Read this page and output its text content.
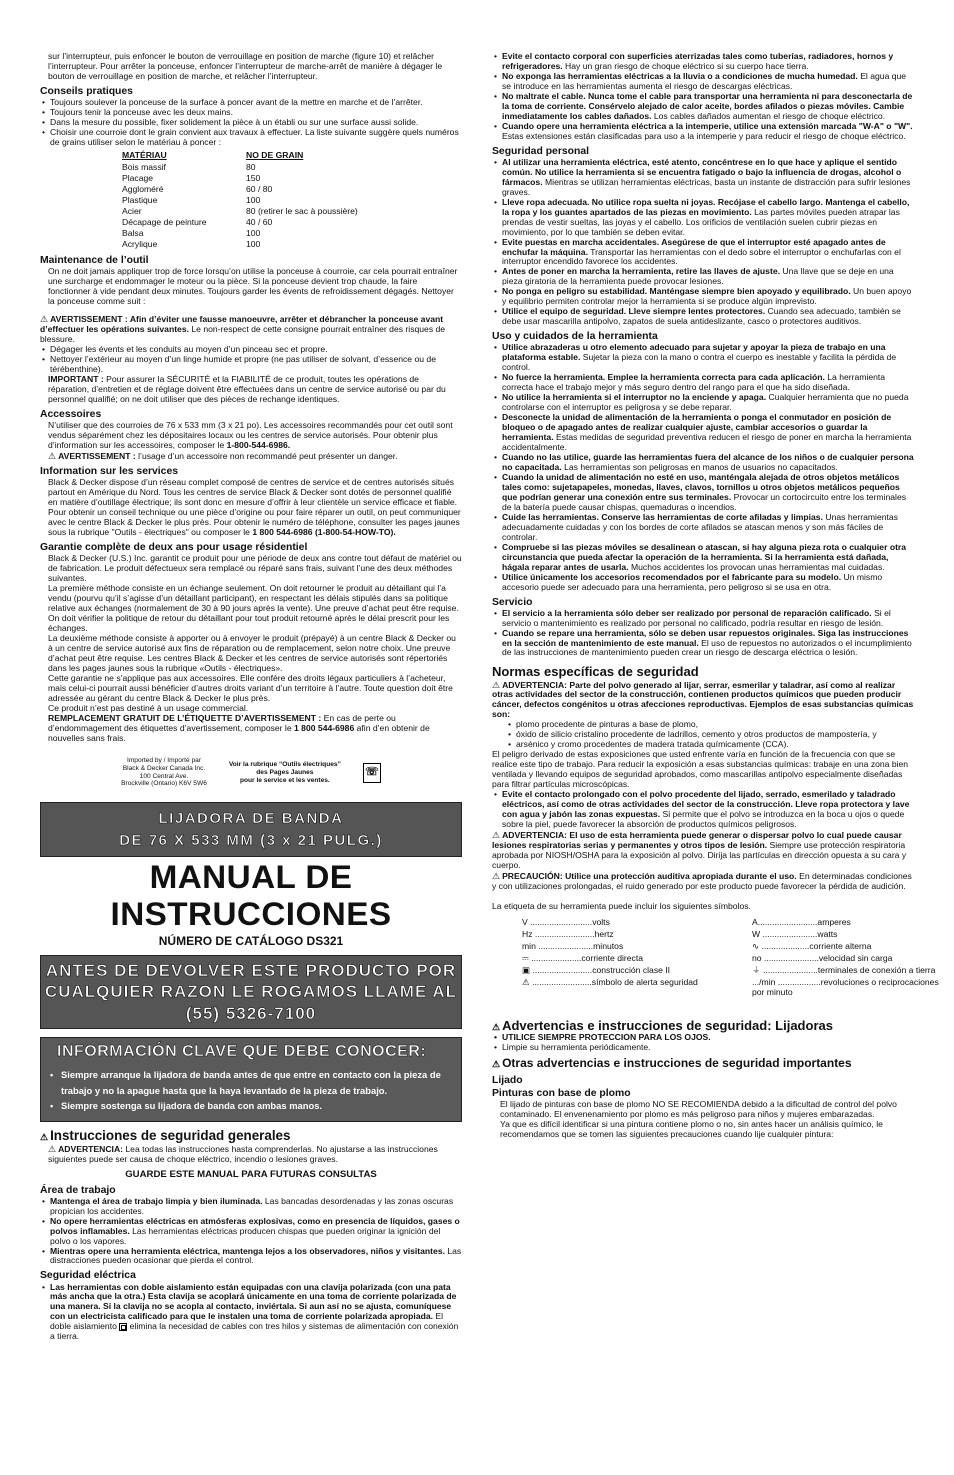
sur l’interrupteur, puis enfoncer le bouton de verrouillage en position de marche (figure 10) et relâcher l’interrupteur. Pour arrêter la ponceuse, enfoncer l’interrupteur de marche-arrêt de manière à dégager le bouton de verrouillage en position de marche, et relâcher l’interrupteur.

Conseils pratiques
• Toujours soulever la ponceuse de la surface à poncer avant de la mettre en marche et de l’arrêter.
• Toujours tenir la ponceuse avec les deux mains.
• Dans la mesure du possible, fixer solidement la pièce à un établi ou sur une surface aussi solide.
• Choisir une courroie dont le grain convient aux travaux à effectuer. La liste suivante suggère quels numéros de grains utiliser selon le matériau à poncer :
MATÉRIAU	NO DE GRAIN
Bois massif	80
Placage	150
Aggloméré	60 / 80
Plastique	100
Acier	80 (retirer le sac à poussière)
Décapage de peinture	40 / 60
Balsa	100
Acrylique	100
Maintenance de l’outil

On ne doit jamais appliquer trop de force lorsqu’on utilise la ponceuse à courroie, car cela pourrait entraîner une surcharge et endommager le moteur ou la pièce. Si la ponceuse devient trop chaude, la faire fonctionner à vide pendant deux minutes. Toujours garder les évents de refroidissement dégagés. Nettoyer la ponceuse comme suit :

⚠ AVERTISSEMENT : Afin d’éviter une fausse manoeuvre, arrêter et débrancher la ponceuse avant d’effectuer les opérations suivantes. Le non-respect de cette consigne pourrait entraîner des risques de blessure.

• Dégager les évents et les conduits au moyen d’un pinceau sec et propre.
• Nettoyer l’extérieur au moyen d’un linge humide et propre (ne pas utiliser de solvant, d’essence ou de térébenthine).

IMPORTANT : Pour assurer la SÉCURITÉ et la FIABILITÉ de ce produit, toutes les opérations de réparation, d’entretien et de réglage doivent être effectuées dans un centre de service autorisé ou par du personnel qualifié; on ne doit utiliser que des pièces de rechange identiques.

Accessoires

N’utiliser que des courroies de 76 x 533 mm (3 x 21 po). Les accessoires recommandés pour cet outil sont vendus séparément chez les dépositaires locaux ou les centres de service autorisés. Pour obtenir plus d’information sur les accessoires, composer le 1-800-544-6986.
⚠ AVERTISSEMENT : l’usage d’un accessoire non recommandé peut présenter un danger.

Information sur les services

Black & Decker dispose d’un réseau complet composé de centres de service et de centres autorisés situés partout en Amérique du Nord. Tous les centres de service Black & Decker sont dotés de personnel qualifié en matière d’outillage électrique; ils sont donc en mesure d’offrir à leur clientèle un service efficace et fiable. Pour obtenir un conseil technique ou une pièce d’origine ou pour faire réparer un outil, on peut communiquer avec le centre Black & Decker le plus près. Pour obtenir le numéro de téléphone, consulter les pages jaunes sous la rubrique "Outils - électriques" ou composer le 1 800 544-6986 (1-800-54-HOW-TO).

Garantie complète de deux ans pour usage résidentiel

Black & Decker (U.S.) Inc. garantit ce produit pour une période de deux ans contre tout défaut de matériel ou de fabrication. Le produit défectueux sera remplacé ou réparé sans frais, suivant l’une des deux méthodes suivantes.

La première méthode consiste en un échange seulement. On doit retourner le produit au détaillant qui l’a vendu (pourvu qu’il s’agisse d’un détaillant participant), en respectant les délais stipulés dans sa politique relative aux échanges (normalement de 30 à 90 jours après la vente). Une preuve d’achat peut être requise. On doit vérifier la politique de retour du détaillant pour tout produit retourné après le délai prescrit pour les échanges.

La deuxième méthode consiste à apporter ou à envoyer le produit (prépayé) à un centre Black & Decker ou à un centre de service autorisé aux fins de réparation ou de remplacement, selon notre choix. Une preuve d’achat peut être requise. Les centres Black & Decker et les centres de service autorisés sont répertoriés dans les pages jaunes sous la rubrique «Outils - électriques».

Cette garantie ne s’applique pas aux accessoires. Elle confère des droits légaux particuliers à l’acheteur, mais celui-ci pourrait aussi bénéficier d’autres droits variant d’un territoire à l’autre. Toute question doit être adressée au gérant du centre Black & Decker le plus près.

Ce produit n’est pas destiné à un usage commercial.

REMPLACEMENT GRATUIT DE L’ÉTIQUETTE D’AVERTISSEMENT : En cas de perte ou d’endommagement des étiquettes d’avertissement, composer le 1 800 544-6986 afin d’en obtenir de nouvelles sans frais.

Imported by / Importé par
Black & Decker Canada Inc.
100 Central Ave.
Brockville (Ontario) K6V 5W6
Voir la rubrique “Outils électriques”
des Pages Jaunes
pour le service et les ventes.
☏
LIJADORA DE BANDA
DE 76 X 533 MM (3 x 21 PULG.)
MANUAL DE INSTRUCCIONES
NÚMERO DE CATÁLOGO DS321
ANTES DE DEVOLVER ESTE PRODUCTO POR
CUALQUIER RAZON LE ROGAMOS LLAME AL
(55) 5326-7100
INFORMACIÓN CLAVE QUE DEBE CONOCER:
• Siempre arranque la lijadora de banda antes de que entre en contacto con la pieza de trabajo y no la apague hasta que la haya levantado de la pieza de trabajo.
• Siempre sostenga su lijadora de banda con ambas manos.
⚠ Instrucciones de seguridad generales

⚠ ADVERTENCIA: Lea todas las instrucciones hasta comprenderlas. No ajustarse a las instrucciones siguientes puede ser causa de choque eléctrico, incendio o lesiones graves.

GUARDE ESTE MANUAL PARA FUTURAS CONSULTAS
Área de trabajo
• Mantenga el área de trabajo limpia y bien iluminada. Las bancadas desordenadas y las zonas oscuras propician los accidentes.
• No opere herramientas eléctricas en atmósferas explosivas, como en presencia de líquidos, gases o polvos inflamables. Las herramientas eléctricas producen chispas que pueden originar la ignición del polvo o los vapores.
• Mientras opere una herramienta eléctrica, mantenga lejos a los observadores, niños y visitantes. Las distracciones pueden ocasionar que pierda el control.
Seguridad eléctrica
• Las herramientas con doble aislamiento están equipadas con una clavija polarizada (con una pata más ancha que la otra.) Esta clavija se acoplará únicamente en una toma de corriente polarizada de una manera. Si la clavija no se acopla al contacto, inviértala. Si aun así no se ajusta, comuníquese con un electricista calificado para que le instalen una toma de corriente polarizada apropiada. El doble aislamiento  elimina la necesidad de cables con tres hilos y sistemas de alimentación con conexión a tierra.
• Evite el contacto corporal con superficies aterrizadas tales como tuberías, radiadores, hornos y refrigeradores. Hay un gran riesgo de choque eléctrico si su cuerpo hace tierra.
• No exponga las herramientas eléctricas a la lluvia o a condiciones de mucha humedad. El agua que se introduce en las herramientas aumenta el riesgo de descargas eléctricas.
• No maltrate el cable. Nunca tome el cable para transportar una herramienta ni para desconectarla de la toma de corriente. Consérvelo alejado de calor aceite, bordes afilados o piezas móviles. Cambie inmediatamente los cables dañados. Los cables dañados aumentan el riesgo de choque eléctrico.
• Cuando opere una herramienta eléctrica a la intemperie, utilice una extensión marcada "W-A" o "W". Estas extensiones están clasificadas para uso a la intemperie y para reducir el riesgo de choque eléctrico.
Seguridad personal
• Al utilizar una herramienta eléctrica, esté atento, concéntrese en lo que hace y aplique el sentido común. No utilice la herramienta si se encuentra fatigado o bajo la influencia de drogas, alcohol o fármacos. Mientras se utilizan herramientas eléctricas, basta un instante de distracción para sufrir lesiones graves.
• Lleve ropa adecuada. No utilice ropa suelta ni joyas. Recójase el cabello largo. Mantenga el cabello, la ropa y los guantes apartados de las piezas en movimiento. Las partes móviles pueden atrapar las prendas de vestir sueltas, las joyas y el cabello. Los orificios de ventilación suelen cubrir piezas en movimiento, por lo que también se deben evitar.
• Evite puestas en marcha accidentales. Asegúrese de que el interruptor esté apagado antes de enchufar la máquina. Transportar las herramientas con el dedo sobre el interruptor o enchufarlas con el interruptor encendido favorece los accidentes.
• Antes de poner en marcha la herramienta, retire las llaves de ajuste. Una llave que se deje en una pieza giratoria de la herramienta puede provocar lesiones.
• No ponga en peligro su estabilidad. Manténgase siempre bien apoyado y equilibrado. Un buen apoyo y equilibrio permiten controlar mejor la herramienta si se produce algún imprevisto.
• Utilice el equipo de seguridad. Lleve siempre lentes protectores. Cuando sea adecuado, también se debe usar mascarilla antipolvo, zapatos de suela antideslizante, casco o protectores auditivos.
Uso y cuidados de la herramienta
• Utilice abrazaderas u otro elemento adecuado para sujetar y apoyar la pieza de trabajo en una plataforma estable. Sujetar la pieza con la mano o contra el cuerpo es inestable y facilita la pérdida de control.
• No fuerce la herramienta. Emplee la herramienta correcta para cada aplicación. La herramienta correcta hace el trabajo mejor y más seguro dentro del rango para el que ha sido diseñada.
• No utilice la herramienta si el interruptor no la enciende y apaga. Cualquier herramienta que no pueda controlarse con el interruptor es peligrosa y se debe reparar.
• Desconecte la unidad de alimentación de la herramienta o ponga el conmutador en posición de bloqueo o de apagado antes de realizar cualquier ajuste, cambiar accesorios o guardar la herramienta. Estas medidas de seguridad preventiva reducen el riesgo de poner en marcha la herramienta accidentalmente.
• Cuando no las utilice, guarde las herramientas fuera del alcance de los niños o de cualquier persona no capacitada. Las herramientas son peligrosas en manos de usuarios no capacitados.
• Cuando la unidad de alimentación no esté en uso, manténgala alejada de otros objetos metálicos tales como: sujetapapeles, monedas, llaves, clavos, tornillos u otros objetos metálicos pequeños que podrían generar una conexión entre sus terminales. Provocar un cortocircuito entre los terminales de la batería puede causar chispas, quemaduras o incendios.
• Cuide las herramientas. Conserve las herramientas de corte afiladas y limpias. Unas herramientas adecuadamente cuidadas y con los bordes de corte afilados se atascan menos y son más fáciles de controlar.
• Compruebe si las piezas móviles se desalinean o atascan, si hay alguna pieza rota o cualquier otra circunstancia que pueda afectar la operación de la herramienta. Si la herramienta está dañada, hágala reparar antes de usarla. Muchos accidentes los provocan unas herramientas mal cuidadas.
• Utilice únicamente los accesorios recomendados por el fabricante para su modelo. Un mismo accesorio puede ser adecuado para una herramienta, pero peligroso si se usa en otra.
Servicio
• El servicio a la herramienta sólo deber ser realizado por personal de reparación calificado. Si el servicio o mantenimiento es realizado por personal no calificado, podría resultar en riesgo de lesión.
• Cuando se repare una herramienta, sólo se deben usar repuestos originales. Siga las instrucciones en la sección de mantenimiento de este manual. El uso de repuestos no autorizados o el incumplimiento de las instrucciones de mantenimiento pueden crear un riesgo de descarga eléctrica o lesión.
Normas específicas de seguridad

⚠ ADVERTENCIA: Parte del polvo generado al lijar, serrar, esmerilar y taladrar, así como al realizar otras actividades del sector de la construcción, contienen productos químicos que pueden producir cáncer, defectos congénitos u otras afecciones reproductivas. Ejemplos de esas substancias químicas son:

• plomo procedente de pinturas a base de plomo,
• óxido de silicio cristalino procedente de ladrillos, cemento y otros productos de mampostería, y
• arsénico y cromo procedentes de madera tratada químicamente (CCA).

El peligro derivado de estas exposiciones que usted enfrente varía en función de la frecuencia con que se realice este tipo de trabajo. Para reducir la exposición a esas substancias químicas: trabaje en una zona bien ventilada y llevando equipos de seguridad aprobados, como mascarillas antipolvo especialmente diseñadas para filtrar partículas microscópicas.

• Evite el contacto prolongado con el polvo procedente del lijado, serrado, esmerilado y taladrado eléctricos, así como de otras actividades del sector de la construcción. Lleve ropa protectora y lave con agua y jabón las zonas expuestas. Si permite que el polvo se introduzca en la boca u ojos o quede sobre la piel, puede favorecer la absorción de productos químicos peligrosos.

⚠ ADVERTENCIA: El uso de esta herramienta puede generar o dispersar polvo lo cual puede causar lesiones respiratorias serias y permanentes y otros tipos de lesión. Siempre use protección respiratoria aprobada por NIOSH/OSHA para la exposición al polvo. Dirija las partículas en dirección opuesta a su cara y cuerpo.

⚠ PRECAUCIÓN: Utilice una protección auditiva apropiada durante el uso. En determinadas condiciones y con utilizaciones prolongadas, el ruido generado por este producto puede favorecer la pérdida de audición.

La etiqueta de su herramienta puede incluir los siguientes símbolos.

V ..........................volts	A.........................amperes
Hz .........................hertz	W .......................watts
min .......................minutos	∿ ....................corriente alterna
⎓ .....................corriente directa	no .......................velocidad sin carga
▣ .........................construcción clase II	⏚ .......................terminales de conexión a tierra
⚠ .........................símbolo de alerta seguridad	.../min ..................revoluciones o reciprocaciones por minuto
⚠ Advertencias e instrucciones de seguridad: Lijadoras
• UTILICE SIEMPRE PROTECCION PARA LOS OJOS.
• Limpie su herramienta periódicamente.
⚠ Otras advertencias e instrucciones de seguridad importantes
Lijado
Pinturas con base de plomo

El lijado de pinturas con base de plomo NO SE RECOMIENDA debido a la dificultad de control del polvo contaminado. El envenenamiento por plomo es más peligroso para niños y mujeres embarazadas.

Ya que es difícil identificar si una pintura contiene plomo o no, sin antes hacer un análisis químico, le recomendamos que se tomen las siguientes precauciones cuando lije cualquier pintura:
